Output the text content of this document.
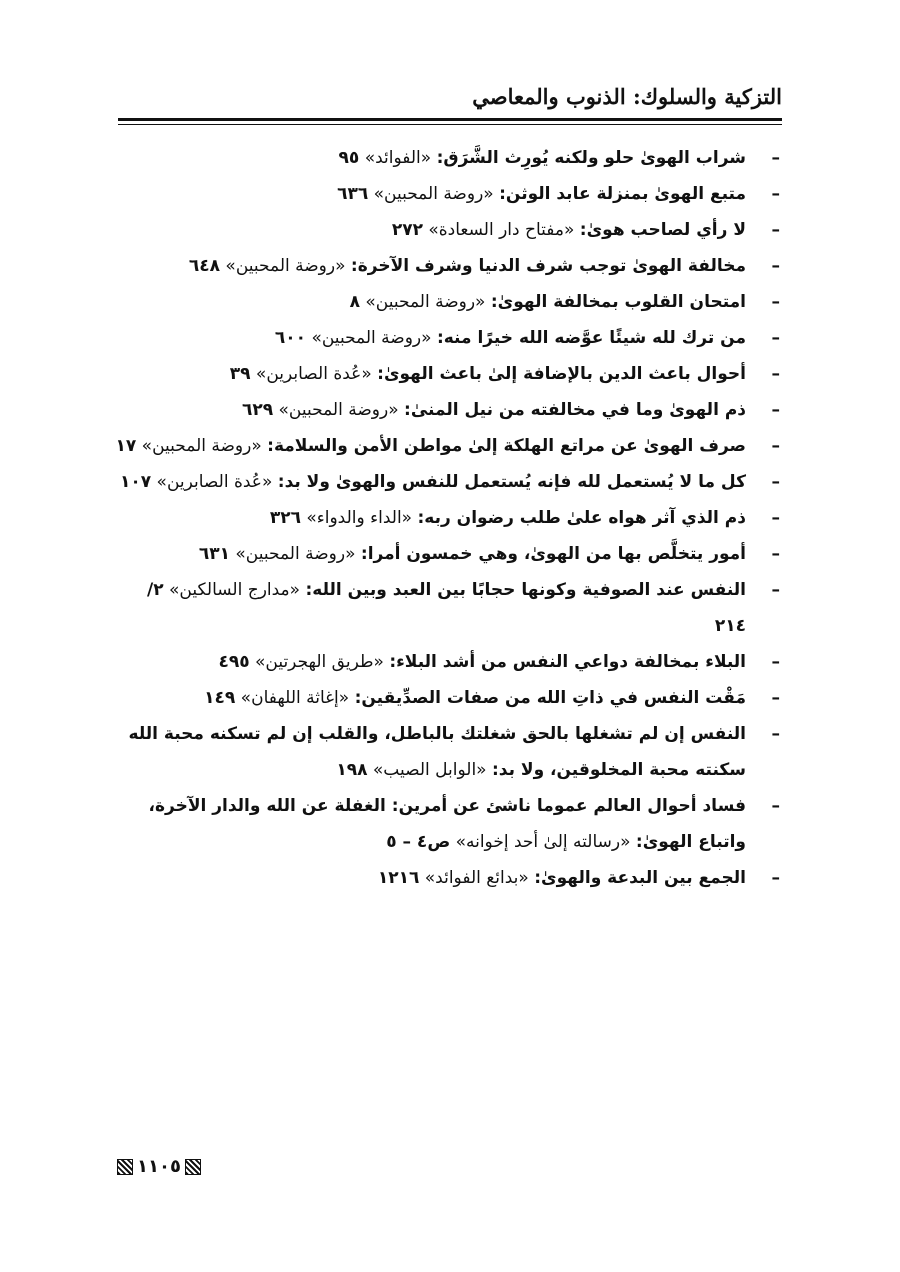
التزكية والسلوك: الذنوب والمعاصي
–
شراب الهوىٰ حلو ولكنه يُورِث الشَّرَق: «الفوائد» ٩٥
–
متبع الهوىٰ بمنزلة عابد الوثن: «روضة المحبين» ٦٣٦
–
لا رأي لصاحب هوىٰ: «مفتاح دار السعادة» ٢٧٢
–
مخالفة الهوىٰ توجب شرف الدنيا وشرف الآخرة: «روضة المحبين» ٦٤٨
–
امتحان القلوب بمخالفة الهوىٰ: «روضة المحبين» ٨
–
من ترك لله شيئًا عوَّضه الله خيرًا منه: «روضة المحبين» ٦٠٠
–
أحوال باعث الدين بالإضافة إلىٰ باعث الهوىٰ: «عُدة الصابرين» ٣٩
–
ذم الهوىٰ وما في مخالفته من نيل المنىٰ: «روضة المحبين» ٦٢٩
–
صرف الهوىٰ عن مراتع الهلكة إلىٰ مواطن الأمن والسلامة: «روضة المحبين» ١٧
–
كل ما لا يُستعمل لله فإنه يُستعمل للنفس والهوىٰ ولا بد: «عُدة الصابرين» ١٠٧
–
ذم الذي آثر هواه علىٰ طلب رضوان ربه: «الداء والدواء» ٣٢٦
–
أمور يتخلَّص بها من الهوىٰ، وهي خمسون أمرا: «روضة المحبين» ٦٣١
–
النفس عند الصوفية وكونها حجابًا بين العبد وبين الله: «مدارج السالكين» ٢/ ٢١٤
–
البلاء بمخالفة دواعي النفس من أشد البلاء: «طريق الهجرتين» ٤٩٥
–
مَقْت النفس في ذاتِ الله من صفات الصدِّيقين: «إغاثة اللهفان» ١٤٩
–
النفس إن لم تشغلها بالحق شغلتك بالباطل، والقلب إن لم تسكنه محبة الله سكنته محبة المخلوقين، ولا بد: «الوابل الصيب» ١٩٨
–
فساد أحوال العالم عموما ناشئ عن أمرين: الغفلة عن الله والدار الآخرة، واتباع الهوىٰ: «رسالته إلىٰ أحد إخوانه» ص٤ – ٥
–
الجمع بين البدعة والهوىٰ: «بدائع الفوائد» ١٢١٦
١١٠٥
